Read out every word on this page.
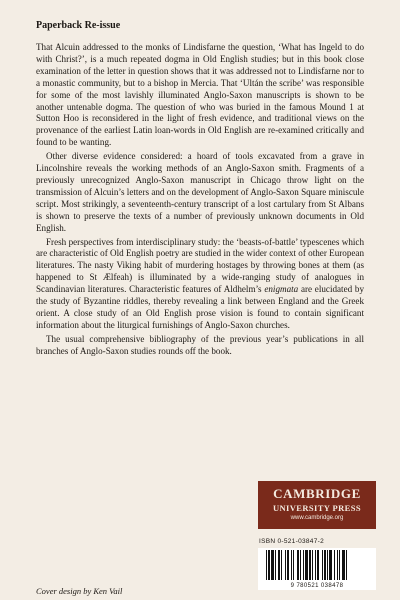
Paperback Re-issue

That Alcuin addressed to the monks of Lindisfarne the question, ‘What has Ingeld to do with Christ?’, is a much repeated dogma in Old English studies; but in this book close examination of the letter in question shows that it was addressed not to Lindisfarne nor to a monastic community, but to a bishop in Mercia. That ‘Ultán the scribe’ was responsible for some of the most lavishly illuminated Anglo-Saxon manuscripts is shown to be another untenable dogma. The question of who was buried in the famous Mound 1 at Sutton Hoo is reconsidered in the light of fresh evidence, and traditional views on the provenance of the earliest Latin loan-words in Old English are re-examined critically and found to be wanting.

Other diverse evidence considered: a hoard of tools excavated from a grave in Lincolnshire reveals the working methods of an Anglo-Saxon smith. Fragments of a previously unrecognized Anglo-Saxon manuscript in Chicago throw light on the transmission of Alcuin’s letters and on the development of Anglo-Saxon Square miniscule script. Most strikingly, a seventeenth-century transcript of a lost cartulary from St Albans is shown to preserve the texts of a number of previously unknown documents in Old English.

Fresh perspectives from interdisciplinary study: the ‘beasts-of-battle’ typescenes which are characteristic of Old English poetry are studied in the wider context of other European literatures. The nasty Viking habit of murdering hostages by throwing bones at them (as happened to St Ælfeah) is illuminated by a wide-ranging study of analogues in Scandinavian literatures. Characteristic features of Aldhelm’s enigmata are elucidated by the study of Byzantine riddles, thereby revealing a link between England and the Greek orient. A close study of an Old English prose vision is found to contain significant information about the liturgical furnishings of Anglo-Saxon churches.

The usual comprehensive bibliography of the previous year’s publications in all branches of Anglo-Saxon studies rounds off the book.

CAMBRIDGE
UNIVERSITY PRESS
www.cambridge.org
ISBN 0-521-03847-2
9 780521 038478
Cover design by Ken Vail
